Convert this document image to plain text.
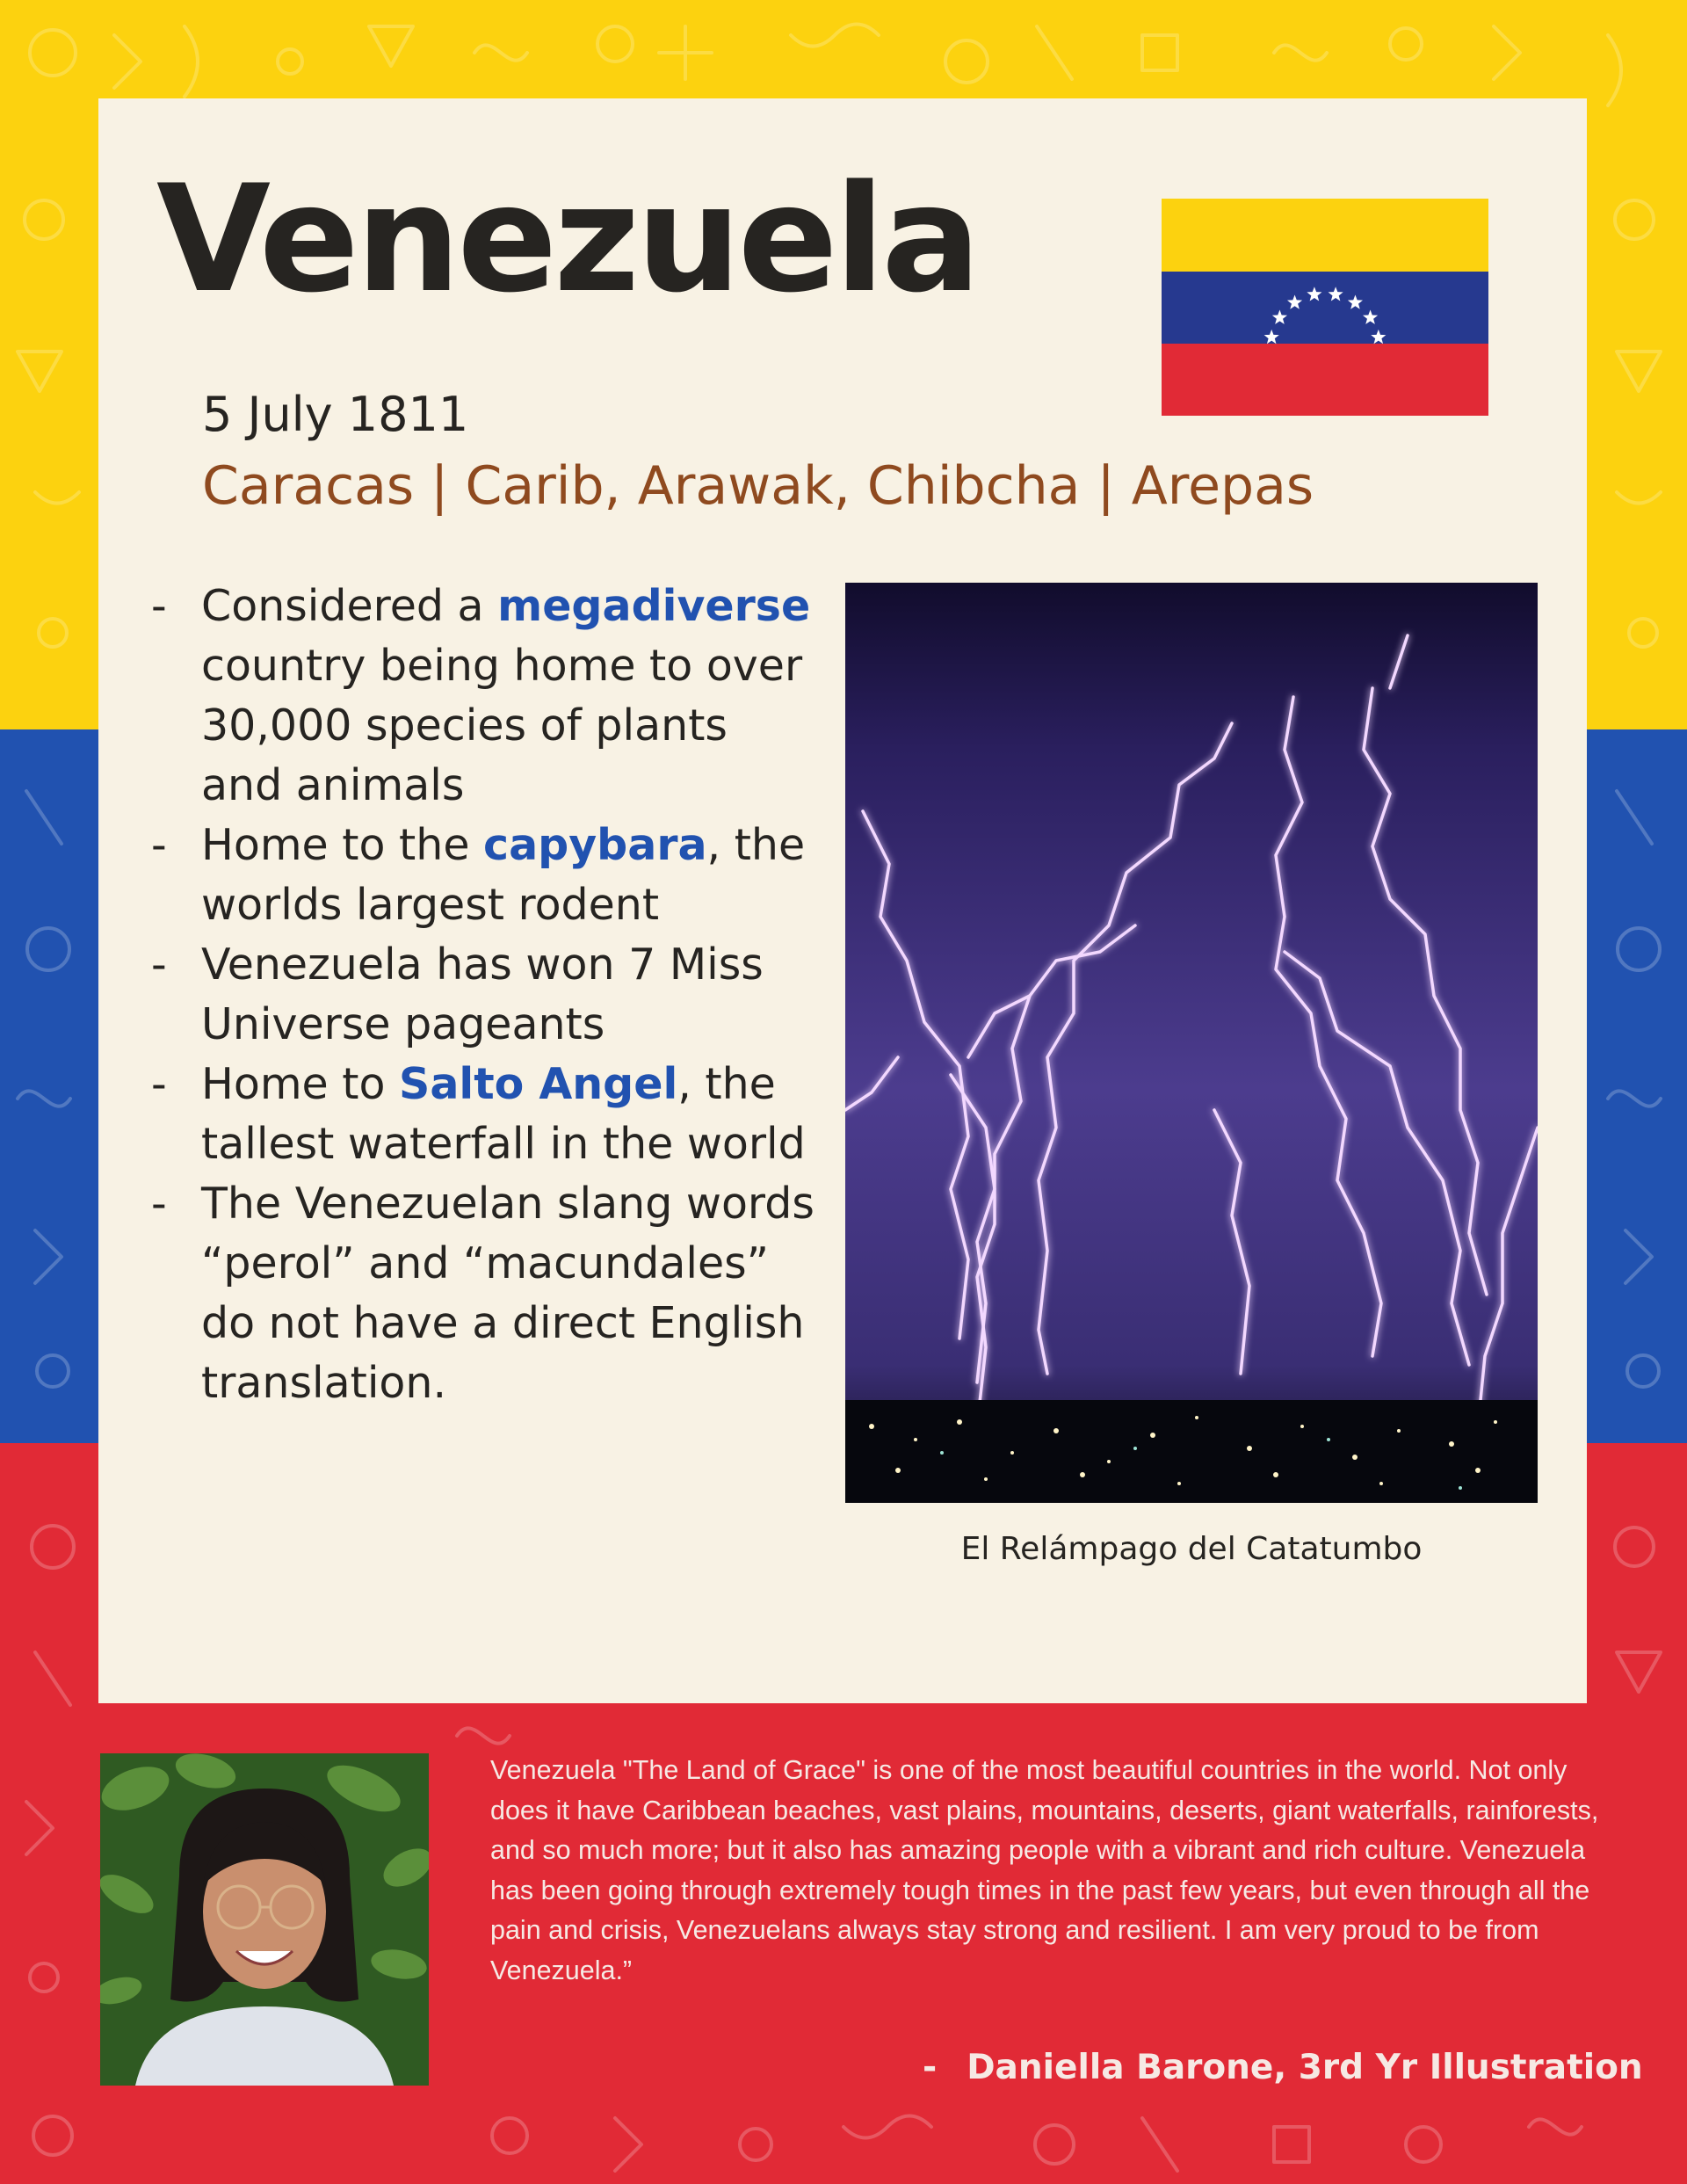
Venezuela
5 July 1811
Caracas | Carib, Arawak, Chibcha | Arepas
- Considered a megadiverse country being home to over 30,000 species of plants and animals
- Home to the capybara, the worlds largest rodent
- Venezuela has won 7 Miss Universe pageants
- Home to Salto Angel, the tallest waterfall in the world
- The Venezuelan slang words “perol” and “macundales” do not have a direct English translation.
El Relámpago del Catatumbo

Venezuela "The Land of Grace" is one of the most beautiful countries in the world. Not only does it have Caribbean beaches, vast plains, mountains, deserts, giant waterfalls, rainforests, and so much more; but it also has amazing people with a vibrant and rich culture. Venezuela has been going through extremely tough times in the past few years, but even through all the pain and crisis, Venezuelans always stay strong and resilient. I am very proud to be from Venezuela.”

- Daniella Barone, 3rd Yr Illustration
